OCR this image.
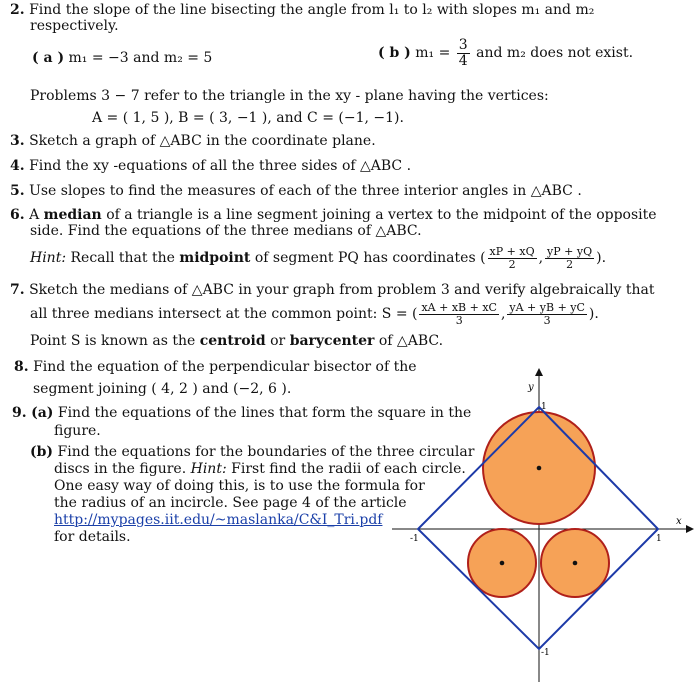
2. Find the slope of the line bisecting the angle from l₁ to l₂ with slopes m₁ and m₂
respectively.
( a ) m₁ = −3 and m₂ = 5	( b ) $m_1 = \frac{3}{4}$ and m₂ does not exist.
Problems 3 − 7 refer to the triangle in the xy - plane having the vertices:
A = ( 1, 5 ), B = ( 3, −1 ), and C = (−1, −1).
3. Sketch a graph of △ABC in the coordinate plane.
4. Find the xy -equations of all the three sides of △ABC .
5. Use slopes to find the measures of each of the three interior angles in △ABC .
6. A median of a triangle is a line segment joining a vertex to the midpoint of the opposite
side. Find the equations of the three medians of △ABC.
Hint: Recall that the midpoint of segment PQ has coordinates ( $\frac{xP + xQ}{2}$ , $\frac{yP + yQ}{2}$ ).
7. Sketch the medians of △ABC in your graph from problem 3 and verify algebraically that
all three medians intersect at the common point: S = ( $\frac{xA + xB + xC}{3}$ , $\frac{yA + yB + yC}{3}$ ).
Point S is known as the centroid or barycenter of △ABC.
8. Find the equation of the perpendicular bisector of the
segment joining ( 4, 2 ) and (−2, 6 ).
9. (a) Find the equations of the lines that form the square in the
figure.
(b) Find the equations for the boundaries of the three circular
discs in the figure. Hint: First find the radii of each circle.
One easy way of doing this, is to use the formula for
the radius of an incircle. See page 4 of the article
http://mypages.iit.edu/~maslanka/C&I_Tri.pdf
for details.
x
y
1
-1
1
-1
